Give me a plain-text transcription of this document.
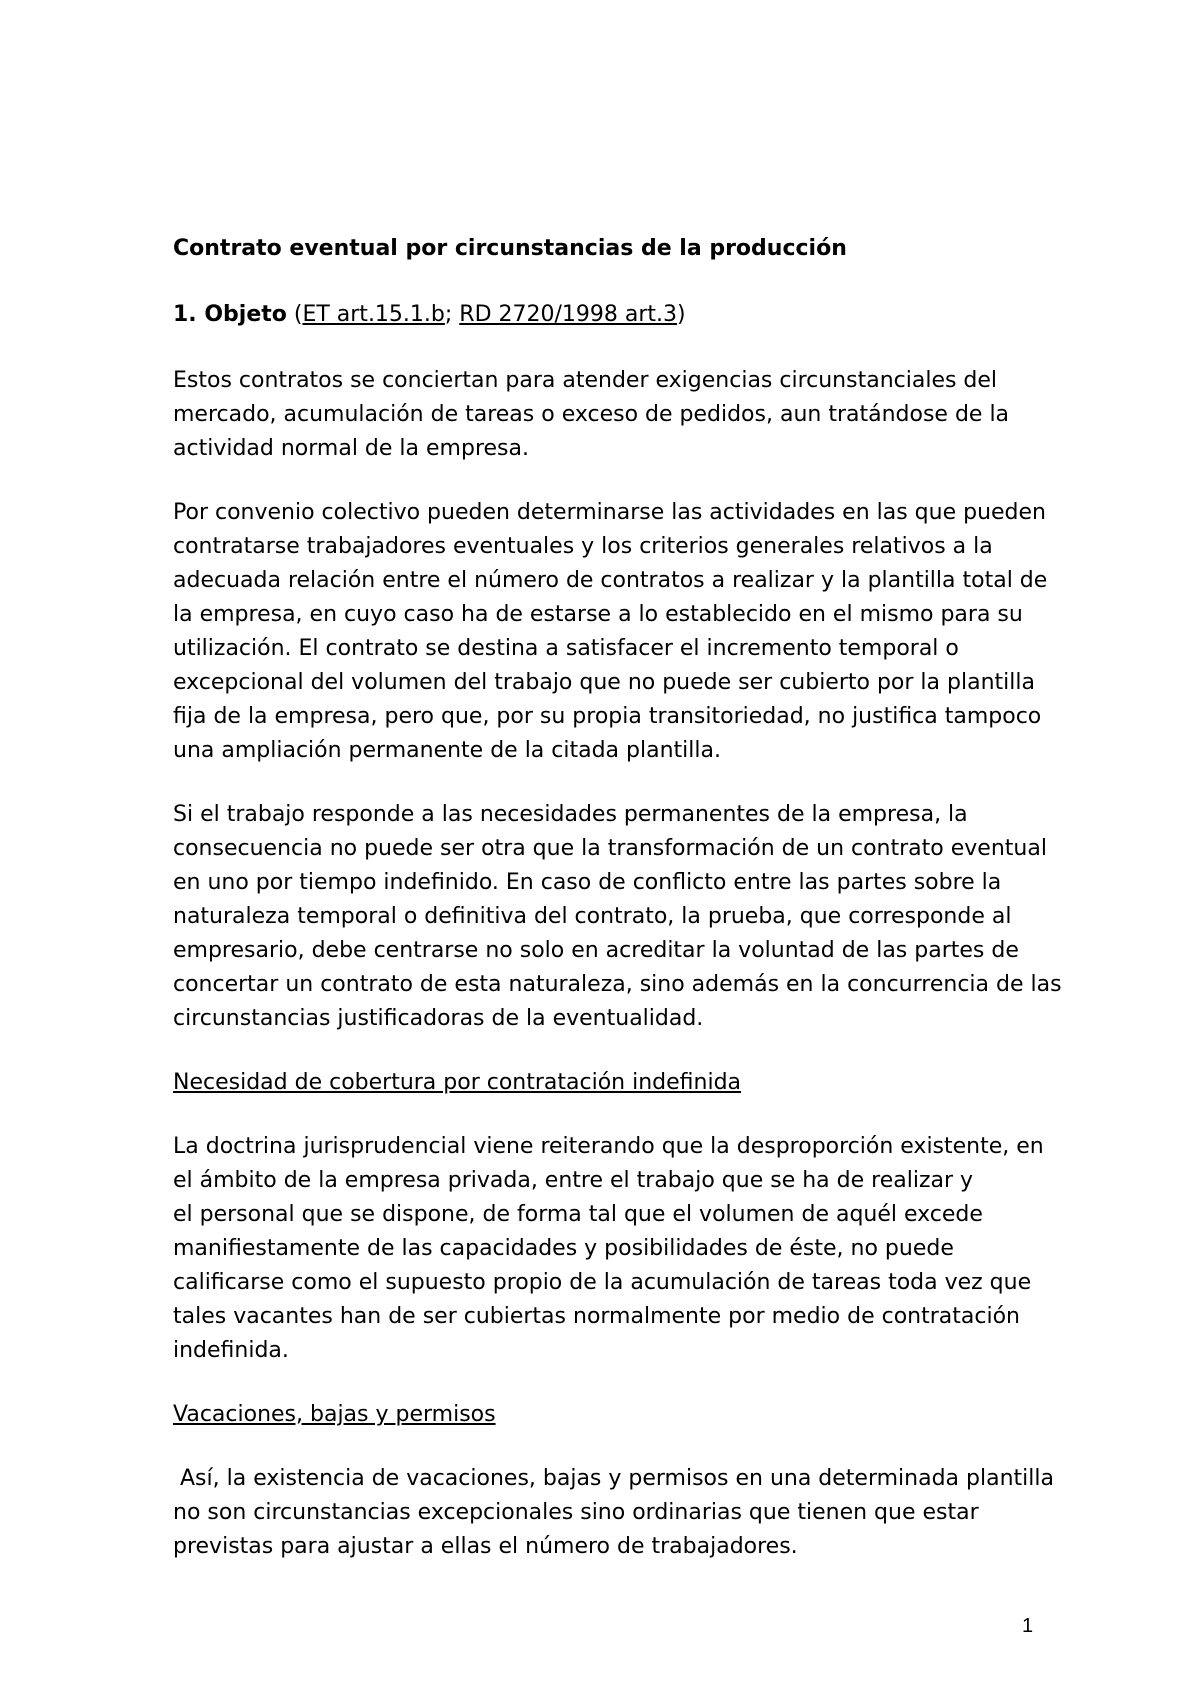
Contrato eventual por circunstancias de la producción
1. Objeto (ET art.15.1.b; RD 2720/1998 art.3)
Estos contratos se conciertan para atender exigencias circunstanciales del
mercado, acumulación de tareas o exceso de pedidos, aun tratándose de la
actividad normal de la empresa.
Por convenio colectivo pueden determinarse las actividades en las que pueden
contratarse trabajadores eventuales y los criterios generales relativos a la
adecuada relación entre el número de contratos a realizar y la plantilla total de
la empresa, en cuyo caso ha de estarse a lo establecido en el mismo para su
utilización. El contrato se destina a satisfacer el incremento temporal o
excepcional del volumen del trabajo que no puede ser cubierto por la plantilla
fija de la empresa, pero que, por su propia transitoriedad, no justifica tampoco
una ampliación permanente de la citada plantilla.
Si el trabajo responde a las necesidades permanentes de la empresa, la
consecuencia no puede ser otra que la transformación de un contrato eventual
en uno por tiempo indefinido. En caso de conflicto entre las partes sobre la
naturaleza temporal o definitiva del contrato, la prueba, que corresponde al
empresario, debe centrarse no solo en acreditar la voluntad de las partes de
concertar un contrato de esta naturaleza, sino además en la concurrencia de las
circunstancias justificadoras de la eventualidad.
Necesidad de cobertura por contratación indefinida
La doctrina jurisprudencial viene reiterando que la desproporción existente, en
el ámbito de la empresa privada, entre el trabajo que se ha de realizar y
el personal que se dispone, de forma tal que el volumen de aquél excede
manifiestamente de las capacidades y posibilidades de éste, no puede
calificarse como el supuesto propio de la acumulación de tareas toda vez que
tales vacantes han de ser cubiertas normalmente por medio de contratación
indefinida.
Vacaciones, bajas y permisos
Así, la existencia de vacaciones, bajas y permisos en una determinada plantilla
no son circunstancias excepcionales sino ordinarias que tienen que estar
previstas para ajustar a ellas el número de trabajadores.
1
